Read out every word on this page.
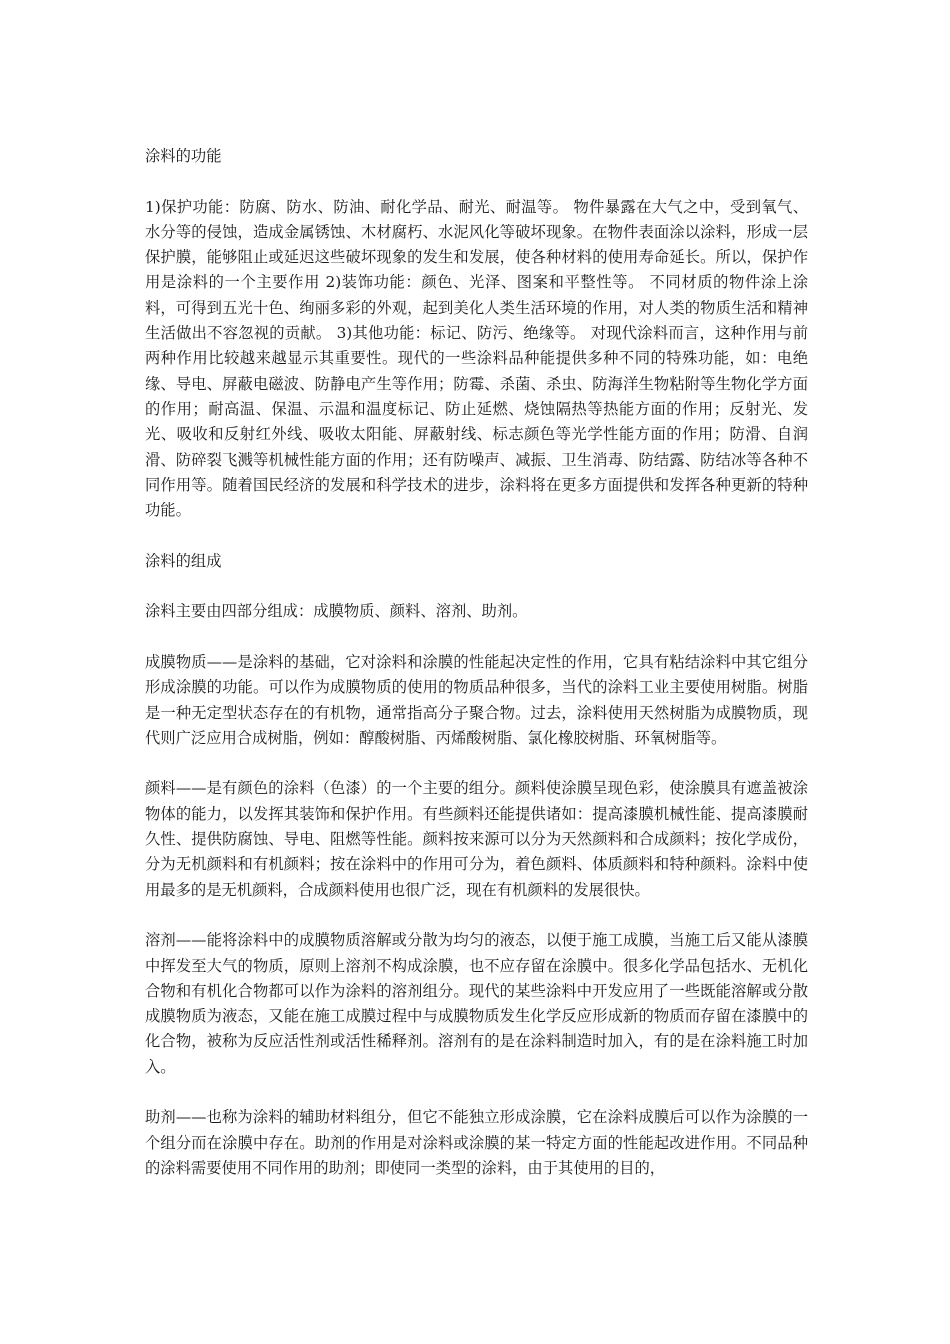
涂料的功能

1)保护功能：防腐、防水、防油、耐化学品、耐光、耐温等。 物件暴露在大气之中，受到氧气、水分等的侵蚀，造成金属锈蚀、木材腐朽、水泥风化等破坏现象。在物件表面涂以涂料，形成一层保护膜，能够阻止或延迟这些破坏现象的发生和发展，使各种材料的使用寿命延长。所以，保护作用是涂料的一个主要作用 2)装饰功能：颜色、光泽、图案和平整性等。 不同材质的物件涂上涂料，可得到五光十色、绚丽多彩的外观，起到美化人类生活环境的作用，对人类的物质生活和精神生活做出不容忽视的贡献。 3)其他功能：标记、防污、绝缘等。 对现代涂料而言，这种作用与前两种作用比较越来越显示其重要性。现代的一些涂料品种能提供多种不同的特殊功能，如：电绝缘、导电、屏蔽电磁波、防静电产生等作用；防霉、杀菌、杀虫、防海洋生物粘附等生物化学方面的作用；耐高温、保温、示温和温度标记、防止延燃、烧蚀隔热等热能方面的作用；反射光、发光、吸收和反射红外线、吸收太阳能、屏蔽射线、标志颜色等光学性能方面的作用；防滑、自润滑、防碎裂飞溅等机械性能方面的作用；还有防噪声、减振、卫生消毒、防结露、防结冰等各种不同作用等。随着国民经济的发展和科学技术的进步，涂料将在更多方面提供和发挥各种更新的特种功能。

涂料的组成

涂料主要由四部分组成：成膜物质、颜料、溶剂、助剂。

成膜物质——是涂料的基础，它对涂料和涂膜的性能起决定性的作用，它具有粘结涂料中其它组分形成涂膜的功能。可以作为成膜物质的使用的物质品种很多，当代的涂料工业主要使用树脂。树脂是一种无定型状态存在的有机物，通常指高分子聚合物。过去，涂料使用天然树脂为成膜物质，现代则广泛应用合成树脂，例如：醇酸树脂、丙烯酸树脂、氯化橡胶树脂、环氧树脂等。

颜料——是有颜色的涂料（色漆）的一个主要的组分。颜料使涂膜呈现色彩，使涂膜具有遮盖被涂物体的能力，以发挥其装饰和保护作用。有些颜料还能提供诸如：提高漆膜机械性能、提高漆膜耐久性、提供防腐蚀、导电、阻燃等性能。颜料按来源可以分为天然颜料和合成颜料；按化学成份，分为无机颜料和有机颜料；按在涂料中的作用可分为，着色颜料、体质颜料和特种颜料。涂料中使用最多的是无机颜料，合成颜料使用也很广泛，现在有机颜料的发展很快。

溶剂——能将涂料中的成膜物质溶解或分散为均匀的液态，以便于施工成膜，当施工后又能从漆膜中挥发至大气的物质，原则上溶剂不构成涂膜，也不应存留在涂膜中。很多化学品包括水、无机化合物和有机化合物都可以作为涂料的溶剂组分。现代的某些涂料中开发应用了一些既能溶解或分散成膜物质为液态，又能在施工成膜过程中与成膜物质发生化学反应形成新的物质而存留在漆膜中的化合物，被称为反应活性剂或活性稀释剂。溶剂有的是在涂料制造时加入，有的是在涂料施工时加入。

助剂——也称为涂料的辅助材料组分，但它不能独立形成涂膜，它在涂料成膜后可以作为涂膜的一个组分而在涂膜中存在。助剂的作用是对涂料或涂膜的某一特定方面的性能起改进作用。不同品种的涂料需要使用不同作用的助剂；即使同一类型的涂料，由于其使用的目的，
